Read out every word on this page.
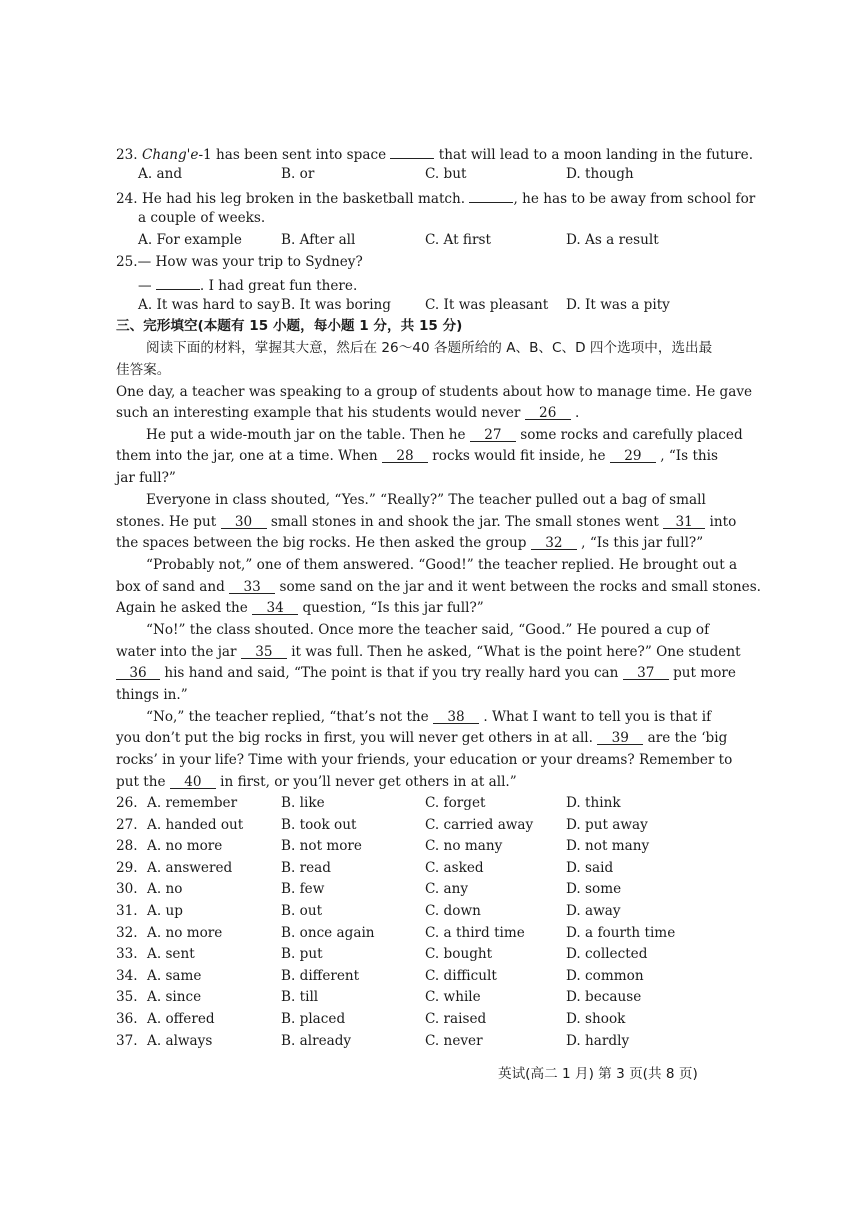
23. Chang'e-1 has been sent into space	that will lead to a moon landing in the future.
A. and	B. or	C. but	D. though
24. He had his leg broken in the basketball match.	, he has to be away from school for
a couple of weeks.
A. For example	B. After all	C. At first	D. As a result
25.— How was your trip to Sydney?
—	. I had great fun there.
A. It was hard to say B. It was boring C. It was pleasant D. It was a pity
三、完形填空(本题有 15 小题，每小题 1 分，共 15 分)
阅读下面的材料，掌握其大意，然后在 26～40 各题所给的 A、B、C、D 四个选项中，选出最
佳答案。
One day, a teacher was speaking to a group of students about how to manage time. He gave
such an interesting example that his students would never 26 .
He put a wide-mouth jar on the table. Then he 27 some rocks and carefully placed
them into the jar, one at a time. When 28 rocks would fit inside, he 29 , “Is this
jar full?”
Everyone in class shouted, “Yes.” “Really?” The teacher pulled out a bag of small
stones. He put 30 small stones in and shook the jar. The small stones went 31 into
the spaces between the big rocks. He then asked the group 32 , “Is this jar full?”
“Probably not,” one of them answered. “Good!” the teacher replied. He brought out a
box of sand and 33 some sand on the jar and it went between the rocks and small stones.
Again he asked the 34 question, “Is this jar full?”
“No!” the class shouted. Once more the teacher said, “Good.” He poured a cup of
water into the jar 35 it was full. Then he asked, “What is the point here?” One student
36 his hand and said, “The point is that if you try really hard you can 37 put more
things in.”
“No,” the teacher replied, “that’s not the 38 . What I want to tell you is that if
you don’t put the big rocks in first, you will never get others in at all. 39 are the ‘big
rocks’ in your life? Time with your friends, your education or your dreams? Remember to
put the 40 in first, or you’ll never get others in at all.”
26. A. remember	B. like	C. forget	D. think
27. A. handed out	B. took out	C. carried away D. put away
28. A. no more	B. not more	C. no many	D. not many
29. A. answered	B. read	C. asked	D. said
30. A. no	B. few	C. any	D. some
31. A. up	B. out	C. down	D. away
32. A. no more	B. once again	C. a third time	D. a fourth time
33. A. sent	B. put	C. bought	D. collected
34. A. same	B. different	C. difficult	D. common
35. A. since	B. till	C. while	D. because
36. A. offered	B. placed	C. raised	D. shook
37. A. always	B. already	C. never	D. hardly
英试(高二 1 月) 第 3 页(共 8 页)
